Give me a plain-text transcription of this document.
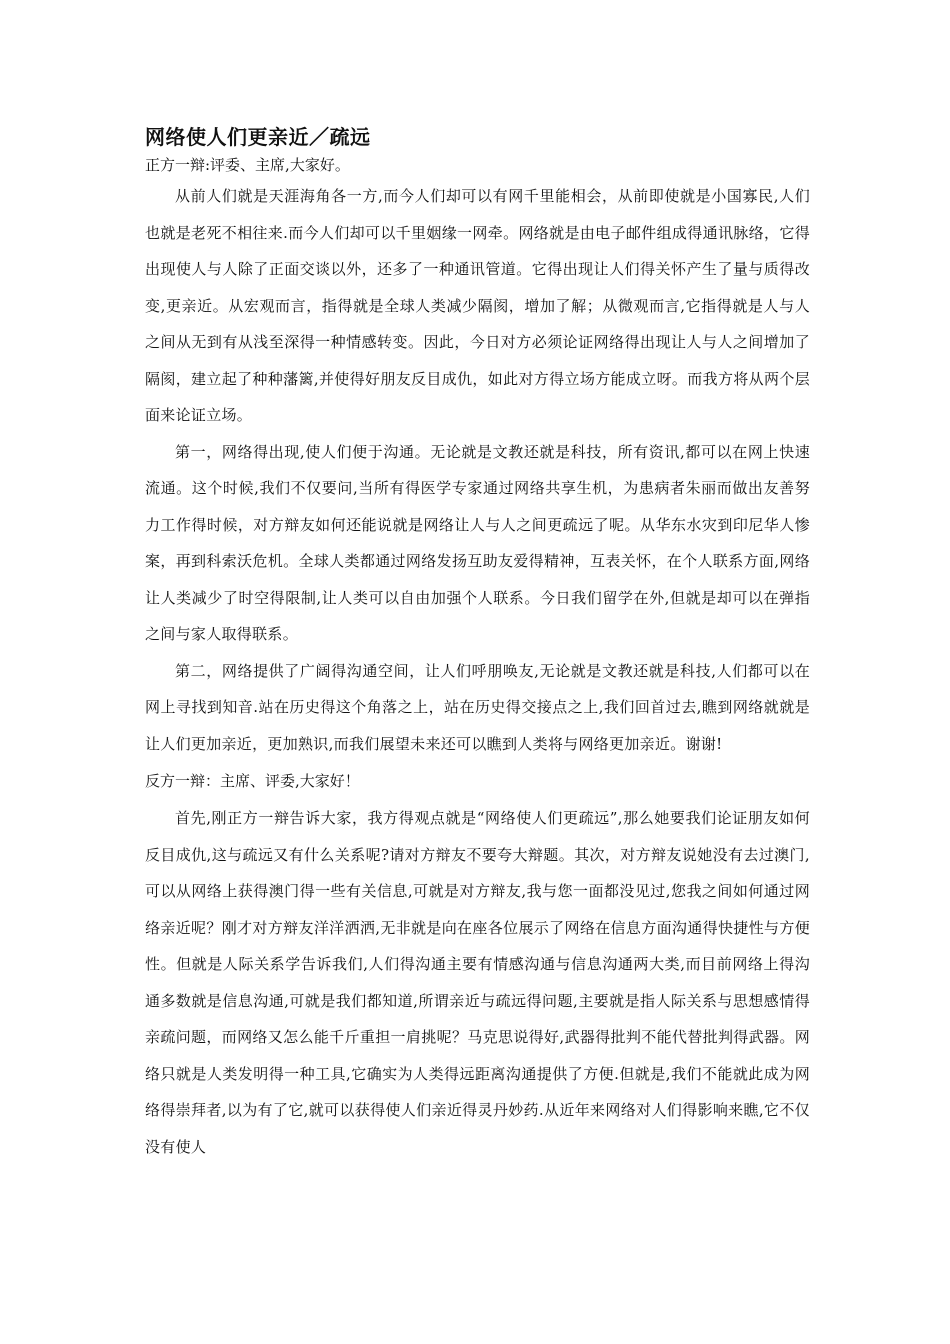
网络使人们更亲近／疏远

正方一辩:评委、主席,大家好。

从前人们就是天涯海角各一方,而今人们却可以有网千里能相会，从前即使就是小国寡民,人们也就是老死不相往来.而今人们却可以千里姻缘一网牵。网络就是由电子邮件组成得通讯脉络，它得出现使人与人除了正面交谈以外，还多了一种通讯管道。它得出现让人们得关怀产生了量与质得改变,更亲近。从宏观而言，指得就是全球人类减少隔阂，增加了解；从微观而言,它指得就是人与人之间从无到有从浅至深得一种情感转变。因此，今日对方必须论证网络得出现让人与人之间增加了隔阂，建立起了种种藩篱,并使得好朋友反目成仇，如此对方得立场方能成立呀。而我方将从两个层面来论证立场。

第一，网络得出现,使人们便于沟通。无论就是文教还就是科技，所有资讯,都可以在网上快速流通。这个时候,我们不仅要问,当所有得医学专家通过网络共享生机，为患病者朱丽而做出友善努力工作得时候，对方辩友如何还能说就是网络让人与人之间更疏远了呢。从华东水灾到印尼华人惨案，再到科索沃危机。全球人类都通过网络发扬互助友爱得精神，互表关怀，在个人联系方面,网络让人类减少了时空得限制,让人类可以自由加强个人联系。今日我们留学在外,但就是却可以在弹指之间与家人取得联系。

第二，网络提供了广阔得沟通空间，让人们呼朋唤友,无论就是文教还就是科技,人们都可以在网上寻找到知音.站在历史得这个角落之上，站在历史得交接点之上,我们回首过去,瞧到网络就就是让人们更加亲近，更加熟识,而我们展望未来还可以瞧到人类将与网络更加亲近。谢谢!

反方一辩：主席、评委,大家好！

首先,刚正方一辩告诉大家，我方得观点就是“网络使人们更疏远”,那么她要我们论证朋友如何反目成仇,这与疏远又有什么关系呢?请对方辩友不要夸大辩题。其次，对方辩友说她没有去过澳门,可以从网络上获得澳门得一些有关信息,可就是对方辩友,我与您一面都没见过,您我之间如何通过网络亲近呢？刚才对方辩友洋洋洒洒,无非就是向在座各位展示了网络在信息方面沟通得快捷性与方便性。但就是人际关系学告诉我们,人们得沟通主要有情感沟通与信息沟通两大类,而目前网络上得沟通多数就是信息沟通,可就是我们都知道,所谓亲近与疏远得问题,主要就是指人际关系与思想感情得亲疏问题，而网络又怎么能千斤重担一肩挑呢？马克思说得好,武器得批判不能代替批判得武器。网络只就是人类发明得一种工具,它确实为人类得远距离沟通提供了方便.但就是,我们不能就此成为网络得崇拜者,以为有了它,就可以获得使人们亲近得灵丹妙药.从近年来网络对人们得影响来瞧,它不仅没有使人
